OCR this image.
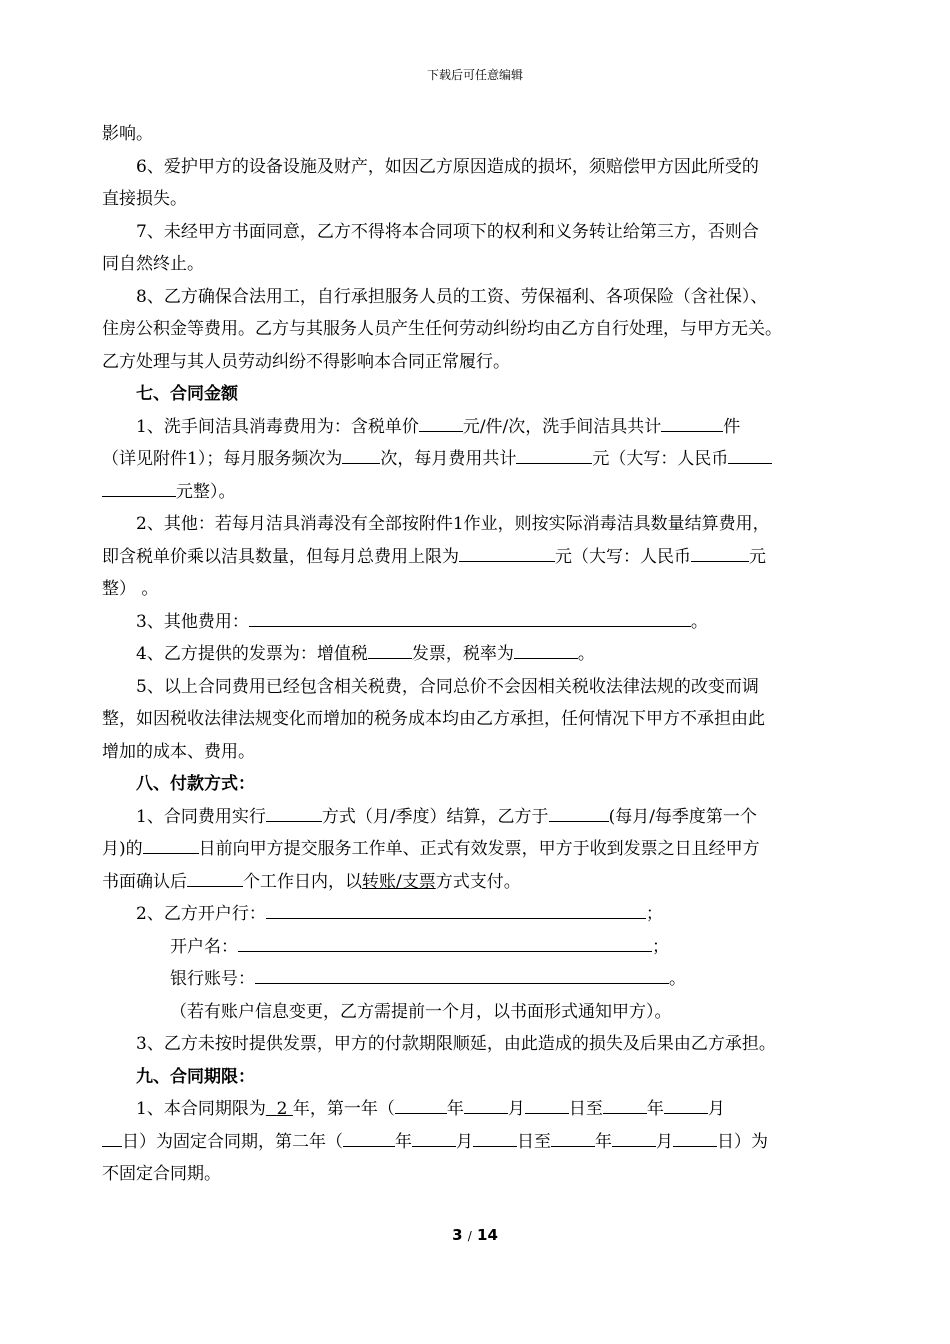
下载后可任意编辑

影响。

6、爱护甲方的设备设施及财产，如因乙方原因造成的损坏，须赔偿甲方因此所受的

直接损失。

7、未经甲方书面同意，乙方不得将本合同项下的权利和义务转让给第三方，否则合

同自然终止。

8、乙方确保合法用工，自行承担服务人员的工资、劳保福利、各项保险（含社保）、

住房公积金等费用。乙方与其服务人员产生任何劳动纠纷均由乙方自行处理，与甲方无关。

乙方处理与其人员劳动纠纷不得影响本合同正常履行。

七、合同金额

1、洗手间洁具消毒费用为：含税单价	元/件/次，洗手间洁具共计	件

（详见附件1）；每月服务频次为 次，每月费用共计	元（大写：人民币

元整）。

2、其他：若每月洁具消毒没有全部按附件1作业，则按实际消毒洁具数量结算费用，

即含税单价乘以洁具数量，但每月总费用上限为	元（大写：人民币	元

整） 。

3、其他费用：	。

4、乙方提供的发票为：增值税	发票，税率为	。

5、以上合同费用已经包含相关税费，合同总价不会因相关税收法律法规的改变而调

整，如因税收法律法规变化而增加的税务成本均由乙方承担，任何情况下甲方不承担由此

增加的成本、费用。

八、付款方式：

1、合同费用实行	方式（月/季度）结算，乙方于	(每月/每季度第一个

月)的	日前向甲方提交服务工作单、正式有效发票，甲方于收到发票之日且经甲方

书面确认后	个工作日内，以转账/支票方式支付。

2、乙方开户行：	；

开户名：	；

银行账号：	。

（若有账户信息变更，乙方需提前一个月，以书面形式通知甲方）。

3、乙方未按时提供发票，甲方的付款期限顺延，由此造成的损失及后果由乙方承担。

九、合同期限：

1、本合同期限为 2 年，第一年（	年	月	日至	年	月

日）为固定合同期，第二年（	年	月	日至	年	月	日）为

不固定合同期。

3 / 14
